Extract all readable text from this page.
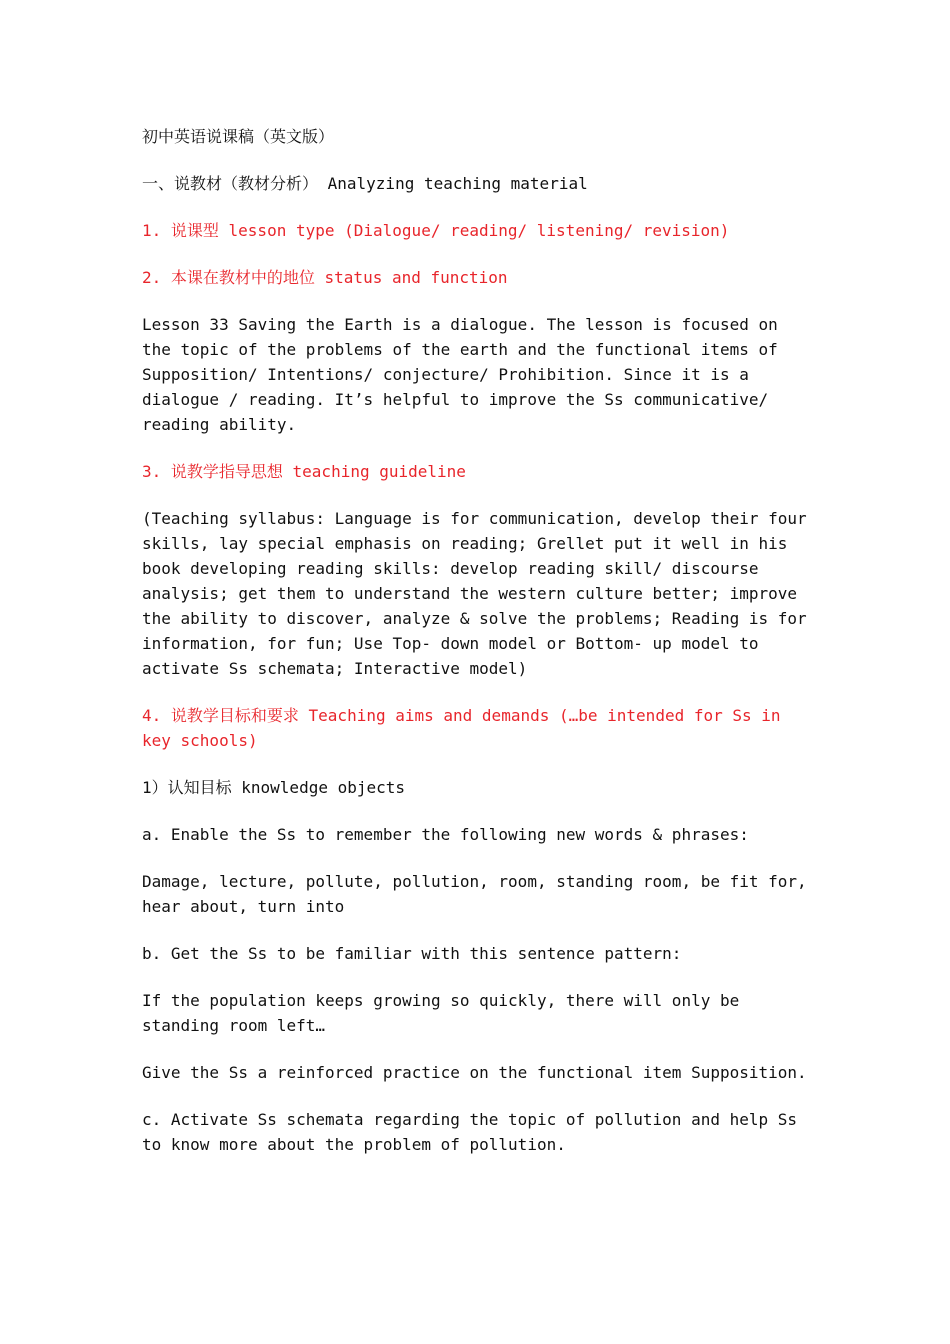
初中英语说课稿（英文版）

一、说教材（教材分析） Analyzing teaching material

1. 说课型 lesson type (Dialogue/ reading/ listening/ revision)

2. 本课在教材中的地位 status and function

Lesson 33 Saving the Earth is a dialogue. The lesson is focused on the topic of the problems of the earth and the functional items of Supposition/ Intentions/ conjecture/ Prohibition. Since it is a dialogue / reading. It’s helpful to improve the Ss communicative/ reading ability.

3. 说教学指导思想 teaching guideline

(Teaching syllabus: Language is for communication, develop their four skills, lay special emphasis on reading; Grellet put it well in his book developing reading skills: develop reading skill/ discourse analysis; get them to understand the western culture better; improve the ability to discover, analyze & solve the problems; Reading is for information, for fun; Use Top- down model or Bottom- up model to activate Ss schemata; Interactive model)

4. 说教学目标和要求 Teaching aims and demands (…be intended for Ss in key schools)

1）认知目标 knowledge objects

a. Enable the Ss to remember the following new words & phrases:

Damage, lecture, pollute, pollution, room, standing room, be fit for, hear about, turn into

b. Get the Ss to be familiar with this sentence pattern:

If the population keeps growing so quickly, there will only be standing room left…

Give the Ss a reinforced practice on the functional item Supposition.

c. Activate Ss schemata regarding the topic of pollution and help Ss to know more about the problem of pollution.
